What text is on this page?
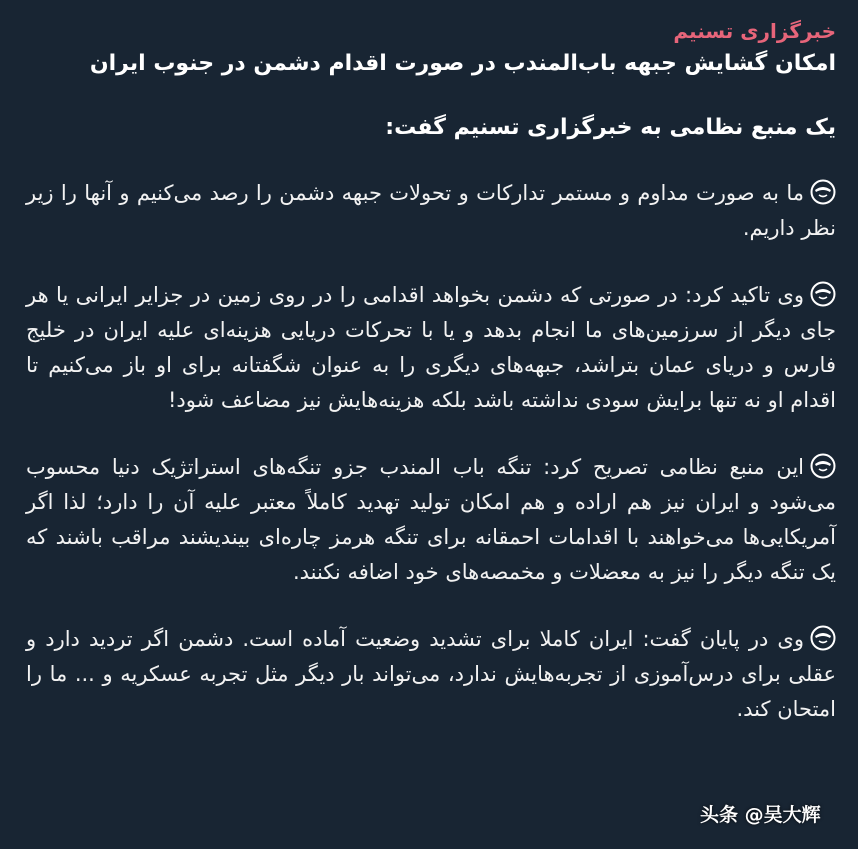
خبرگزاری تسنیم
امکان گشایش جبهه باب‌المندب در صورت اقدام دشمن در جنوب ایران
یک منبع نظامی به خبرگزاری تسنیم گفت:
ما به صورت مداوم و مستمر تدارکات و تحولات جبهه دشمن را رصد می‌کنیم و آنها را زیر نظر داریم.
وی تاکید کرد: در صورتی که دشمن بخواهد اقدامی را در روی زمین در جزایر ایرانی یا هر جای دیگر از سرزمین‌های ما انجام بدهد و یا با تحرکات دریایی هزینه‌ای علیه ایران در خلیج فارس و دریای عمان بتراشد، جبهه‌های دیگری را به عنوان شگفتانه برای او باز می‌کنیم تا اقدام او نه تنها برایش سودی نداشته باشد بلکه هزینه‌هایش نیز مضاعف شود!
این منبع نظامی تصریح کرد: تنگه باب المندب جزو تنگه‌های استراتژیک دنیا محسوب می‌شود و ایران نیز هم اراده و هم امکان تولید تهدید کاملاً معتبر علیه آن را دارد؛ لذا اگر آمریکایی‌ها می‌خواهند با اقدامات احمقانه برای تنگه هرمز چاره‌ای بیندیشند مراقب باشند که یک تنگه دیگر را نیز به معضلات و مخمصه‌های خود اضافه نکنند.
وی در پایان گفت: ایران کاملا برای تشدید وضعیت آماده است. دشمن اگر تردید دارد و عقلی برای درس‌آموزی از تجربه‌هایش ندارد، می‌تواند بار دیگر مثل تجربه عسکریه و ... ما را امتحان کند.
头条 @吴大辉
